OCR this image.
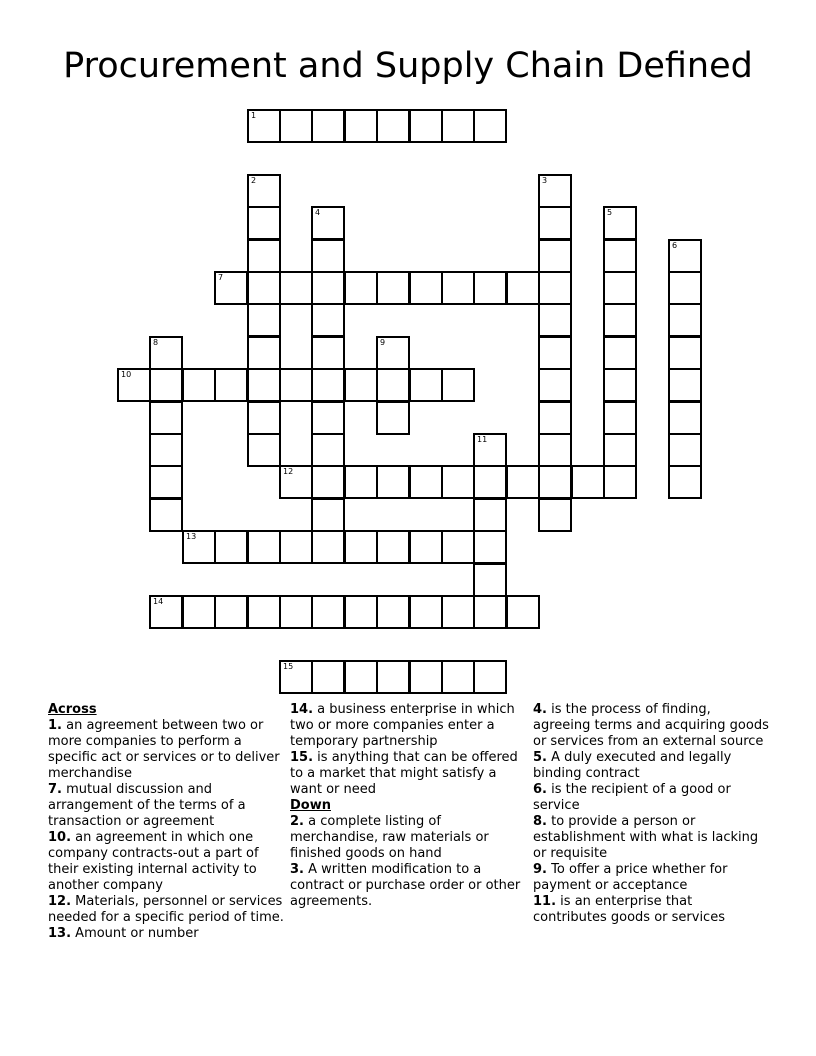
Procurement and Supply Chain Defined
1
2	3
4	5
6
7
8	9
10
11
12
13
14
15
Across

1. an agreement between two or more companies to perform a specific act or services or to deliver merchandise

7. mutual discussion and arrangement of the terms of a transaction or agreement

10. an agreement in which one company contracts-out a part of their existing internal activity to another company

12. Materials, personnel or services needed for a specific period of time.

13. Amount or number

14. a business enterprise in which two or more companies enter a temporary partnership

15. is anything that can be offered to a market that might satisfy a want or need

Down

2. a complete listing of merchandise, raw materials or finished goods on hand

3. A written modification to a contract or purchase order or other agreements.

4. is the process of finding, agreeing terms and acquiring goods or services from an external source

5. A duly executed and legally binding contract

6. is the recipient of a good or service

8. to provide a person or establishment with what is lacking or requisite

9. To offer a price whether for payment or acceptance

11. is an enterprise that contributes goods or services
